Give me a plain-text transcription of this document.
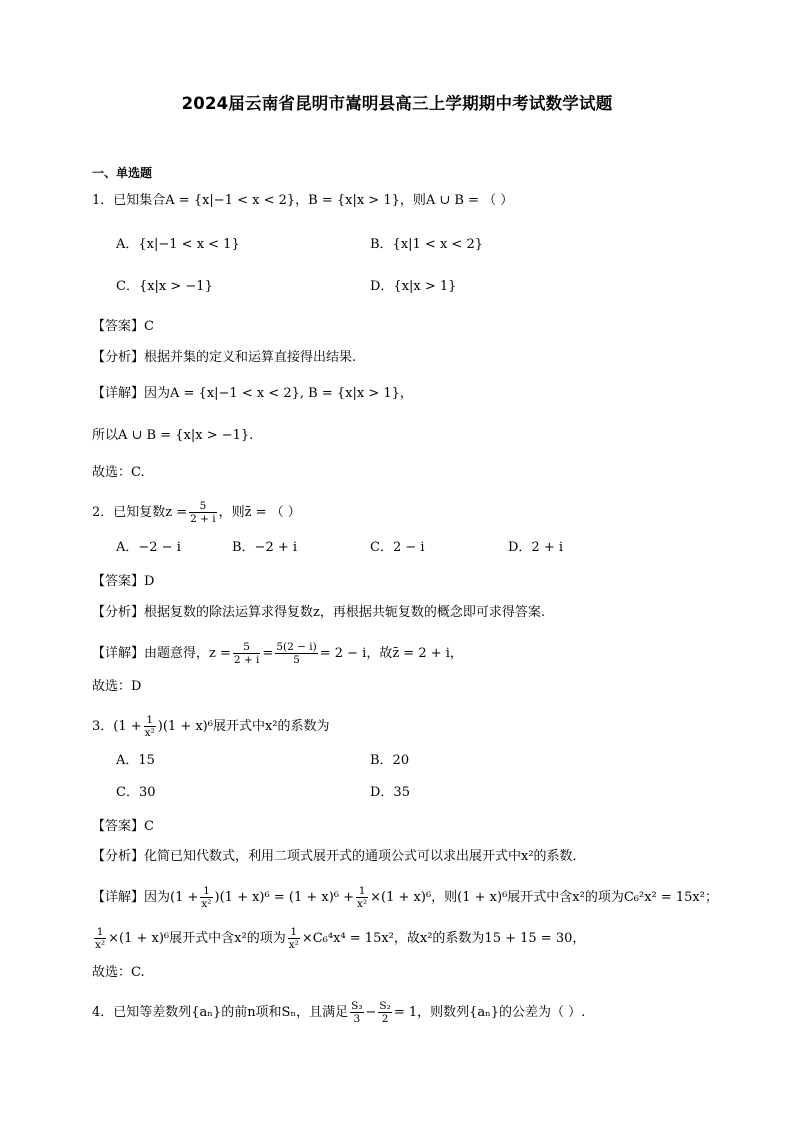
2024届云南省昆明市嵩明县高三上学期期中考试数学试题
一、单选题
1．已知集合A = {x|−1 < x < 2}，B = {x|x > 1}，则A ∪ B = （ ）
A．{x|−1 < x < 1}	B．{x|1 < x < 2}
C．{x|x > −1}	D．{x|x > 1}
【答案】C
【分析】根据并集的定义和运算直接得出结果.
【详解】因为A = {x|−1 < x < 2}, B = {x|x > 1}，
所以A ∪ B = {x|x > −1}.
故选：C.
2．已知复数$z = \frac{5}{2 + i}$ ，则z̄ = （ ）
A．−2 − i	B．−2 + i	C．2 − i	D．2 + i
【答案】D
【分析】根据复数的除法运算求得复数z，再根据共轭复数的概念即可求得答案.
【详解】由题意得，$z = \frac{5}{2 + i} = \frac{5(2 - i)}{5} = 2 - i$，故z̄ = 2 + i，
故选：D
3．$(1 + \frac{1}{\text{x²}} )(1 + x)^6$展开式中x²的系数为
A．15	B．20
C．30	D．35
【答案】C
【分析】化简已知代数式，利用二项式展开式的通项公式可以求出展开式中x²的系数．
【详解】因为$(1 + \frac{1}{\text{x²}} )(1 + x)^6 = (1 + x)^6 + \frac{1}{\text{x²}} \times(1 + x)^6$，则(1 + x)⁶展开式中含x²的项为C₆²x² = 15x²；
$\frac{1}{\text{x²}} \times(1 + x)^6$展开式中含x²的项为 $\frac{1}{\text{x²}} \times C_6^4x^4 = 15x^2$，故x²的系数为15 + 15 = 30，
故选：C.
4．已知等差数列{aₙ}的前n项和Sₙ，且满足 $\frac{\text{S₃}}{3} - \frac{\text{S₂}}{2} = 1$，则数列{aₙ}的公差为（ ）.
